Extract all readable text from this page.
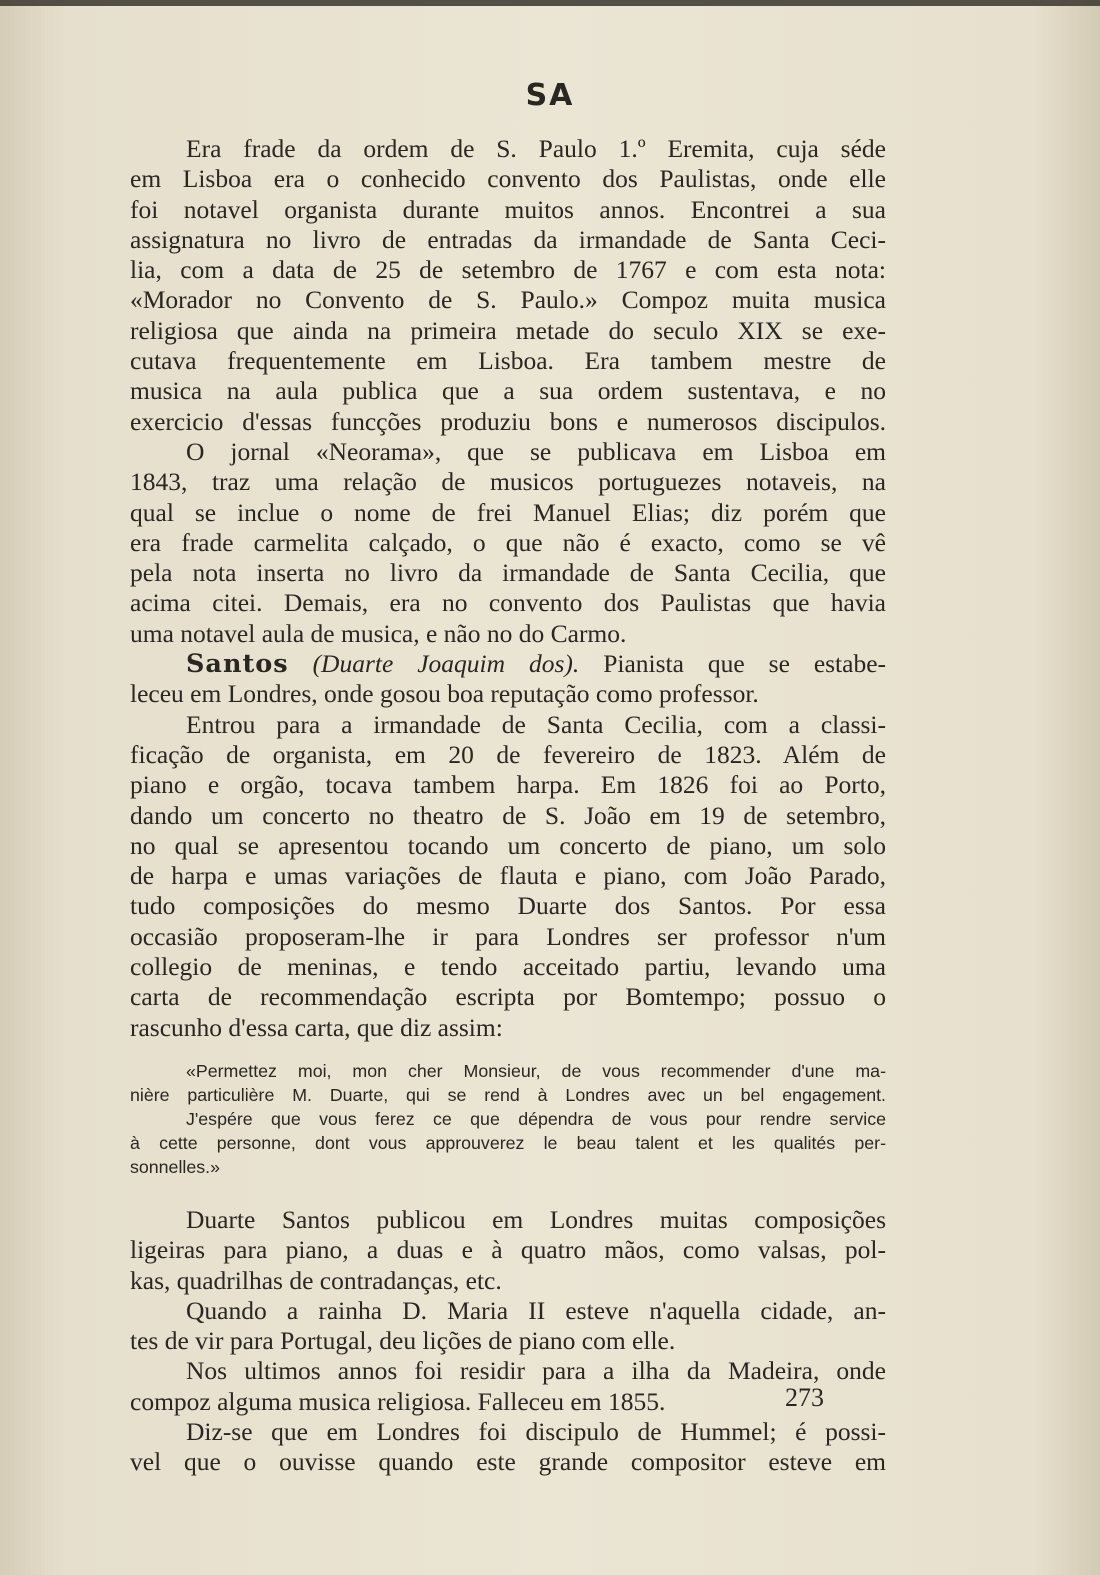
SA
Era frade da ordem de S. Paulo 1.º Eremita, cuja séde
em Lisboa era o conhecido convento dos Paulistas, onde elle
foi notavel organista durante muitos annos. Encontrei a sua
assignatura no livro de entradas da irmandade de Santa Ceci-
lia, com a data de 25 de setembro de 1767 e com esta nota:
«Morador no Convento de S. Paulo.» Compoz muita musica
religiosa que ainda na primeira metade do seculo XIX se exe-
cutava frequentemente em Lisboa. Era tambem mestre de
musica na aula publica que a sua ordem sustentava, e no
exercicio d'essas funcções produziu bons e numerosos discipulos.
O jornal «Neorama», que se publicava em Lisboa em
1843, traz uma relação de musicos portuguezes notaveis, na
qual se inclue o nome de frei Manuel Elias; diz porém que
era frade carmelita calçado, o que não é exacto, como se vê
pela nota inserta no livro da irmandade de Santa Cecilia, que
acima citei. Demais, era no convento dos Paulistas que havia
uma notavel aula de musica, e não no do Carmo.
Santos (Duarte Joaquim dos). Pianista que se estabe-
leceu em Londres, onde gosou boa reputação como professor.
Entrou para a irmandade de Santa Cecilia, com a classi-
ficação de organista, em 20 de fevereiro de 1823. Além de
piano e orgão, tocava tambem harpa. Em 1826 foi ao Porto,
dando um concerto no theatro de S. João em 19 de setembro,
no qual se apresentou tocando um concerto de piano, um solo
de harpa e umas variações de flauta e piano, com João Parado,
tudo composições do mesmo Duarte dos Santos. Por essa
occasião proposeram-lhe ir para Londres ser professor n'um
collegio de meninas, e tendo acceitado partiu, levando uma
carta de recommendação escripta por Bomtempo; possuo o
rascunho d'essa carta, que diz assim:
«Permettez moi, mon cher Monsieur, de vous recommender d'une ma-
nière particulière M. Duarte, qui se rend à Londres avec un bel engagement.
J'espére que vous ferez ce que dépendra de vous pour rendre service
à cette personne, dont vous approuverez le beau talent et les qualités per-
sonnelles.»
Duarte Santos publicou em Londres muitas composições
ligeiras para piano, a duas e à quatro mãos, como valsas, pol-
kas, quadrilhas de contradanças, etc.
Quando a rainha D. Maria II esteve n'aquella cidade, an-
tes de vir para Portugal, deu lições de piano com elle.
Nos ultimos annos foi residir para a ilha da Madeira, onde
compoz alguma musica religiosa. Falleceu em 1855.
Diz-se que em Londres foi discipulo de Hummel; é possi-
vel que o ouvisse quando este grande compositor esteve em
273
